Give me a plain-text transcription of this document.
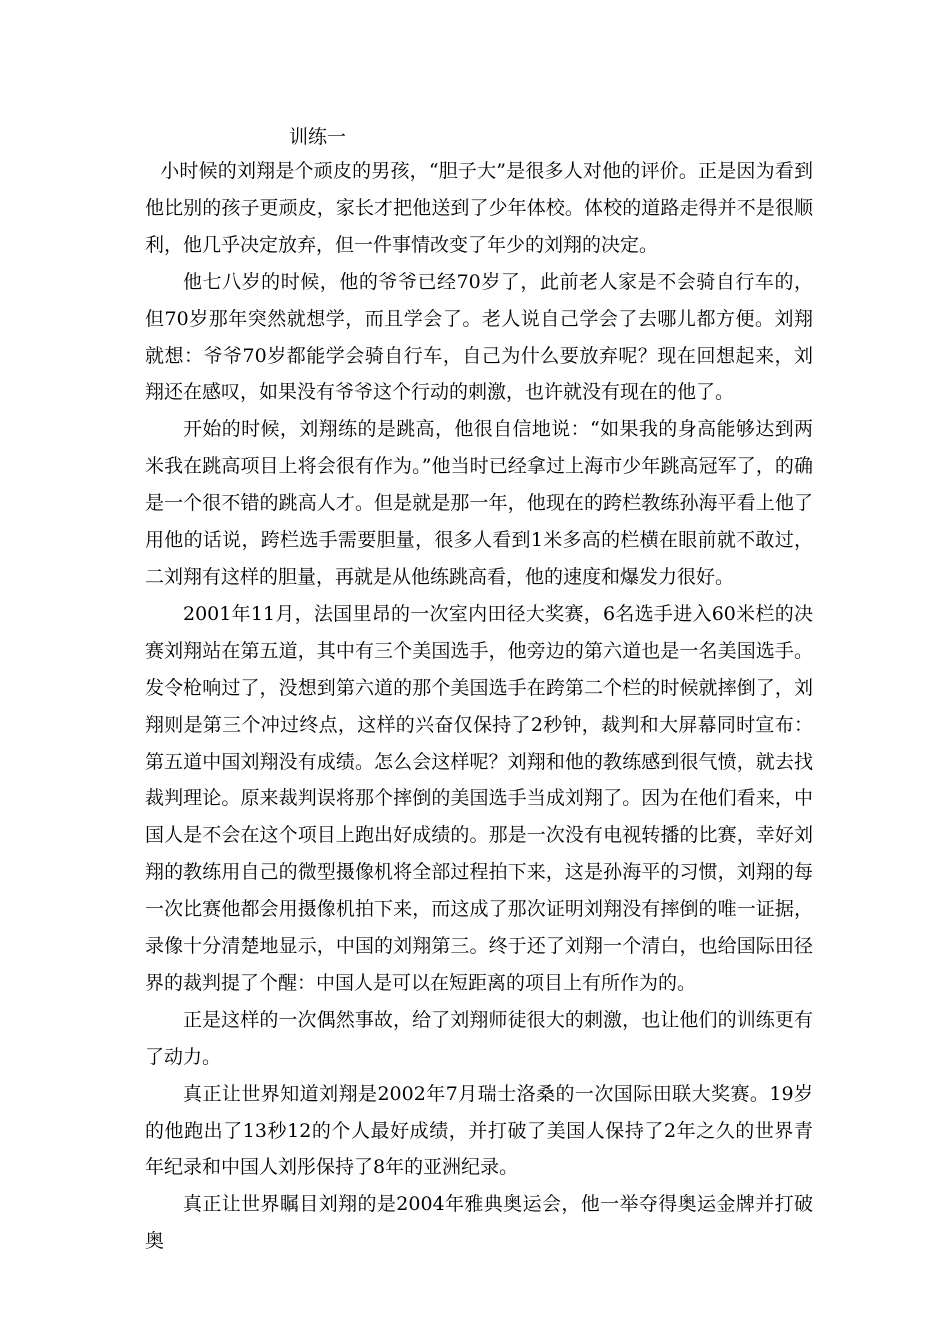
训练一

小时候的刘翔是个顽皮的男孩，“胆子大”是很多人对他的评价。正是因为看到他比别的孩子更顽皮，家长才把他送到了少年体校。体校的道路走得并不是很顺利，他几乎决定放弃，但一件事情改变了年少的刘翔的决定。

他七八岁的时候，他的爷爷已经70岁了，此前老人家是不会骑自行车的，但70岁那年突然就想学，而且学会了。老人说自己学会了去哪儿都方便。刘翔就想：爷爷70岁都能学会骑自行车，自己为什么要放弃呢？现在回想起来，刘翔还在感叹，如果没有爷爷这个行动的刺激，也许就没有现在的他了。

开始的时候，刘翔练的是跳高，他很自信地说：“如果我的身高能够达到两米我在跳高项目上将会很有作为。”他当时已经拿过上海市少年跳高冠军了，的确是一个很不错的跳高人才。但是就是那一年，他现在的跨栏教练孙海平看上他了用他的话说，跨栏选手需要胆量，很多人看到1米多高的栏横在眼前就不敢过，二刘翔有这样的胆量，再就是从他练跳高看，他的速度和爆发力很好。

2001年11月，法国里昂的一次室内田径大奖赛，6名选手进入60米栏的决赛刘翔站在第五道，其中有三个美国选手，他旁边的第六道也是一名美国选手。发令枪响过了，没想到第六道的那个美国选手在跨第二个栏的时候就摔倒了，刘翔则是第三个冲过终点，这样的兴奋仅保持了2秒钟，裁判和大屏幕同时宣布：第五道中国刘翔没有成绩。怎么会这样呢？刘翔和他的教练感到很气愤，就去找裁判理论。原来裁判误将那个摔倒的美国选手当成刘翔了。因为在他们看来，中国人是不会在这个项目上跑出好成绩的。那是一次没有电视转播的比赛，幸好刘翔的教练用自己的微型摄像机将全部过程拍下来，这是孙海平的习惯，刘翔的每一次比赛他都会用摄像机拍下来，而这成了那次证明刘翔没有摔倒的唯一证据，录像十分清楚地显示，中国的刘翔第三。终于还了刘翔一个清白，也给国际田径界的裁判提了个醒：中国人是可以在短距离的项目上有所作为的。

正是这样的一次偶然事故，给了刘翔师徒很大的刺激，也让他们的训练更有了动力。

真正让世界知道刘翔是2002年7月瑞士洛桑的一次国际田联大奖赛。19岁的他跑出了13秒12的个人最好成绩，并打破了美国人保持了2年之久的世界青年纪录和中国人刘彤保持了8年的亚洲纪录。

真正让世界瞩目刘翔的是2004年雅典奥运会，他一举夺得奥运金牌并打破奥
